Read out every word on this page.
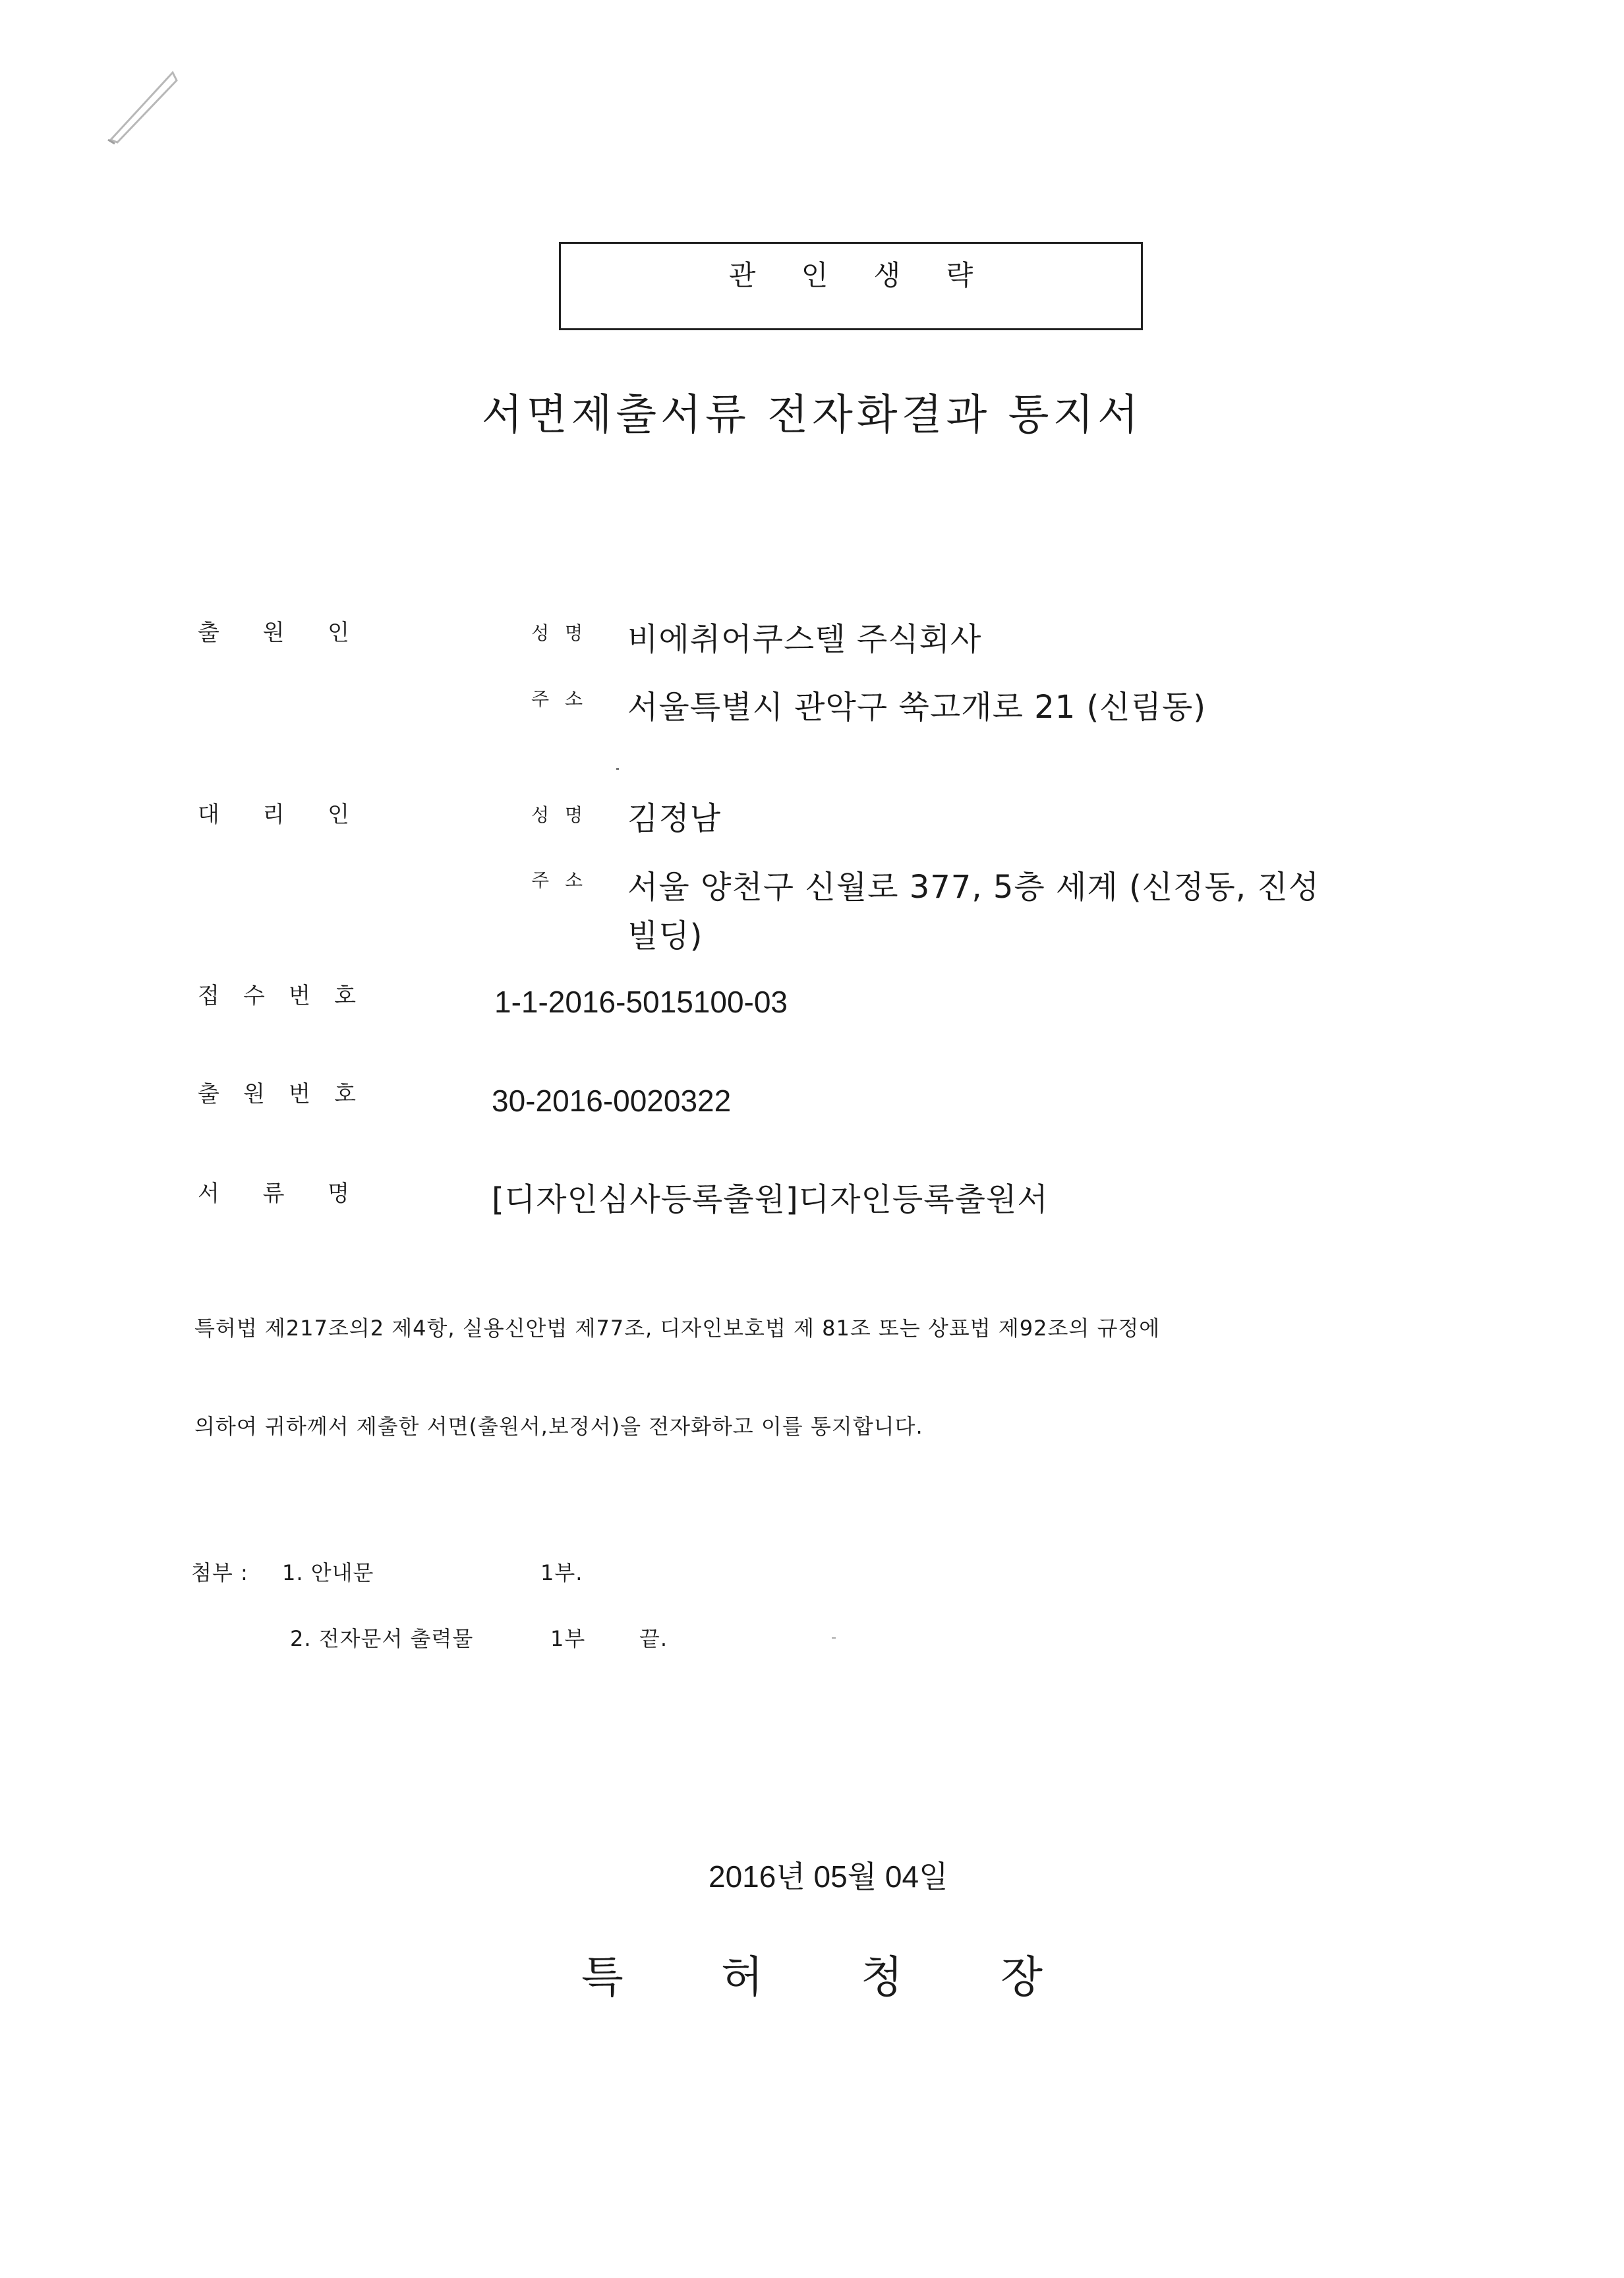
관 인 생 략
서면제출서류 전자화결과 통지서
출 원 인	성 명 비에취어쿠스텔 주식회사
주 소 서울특별시 관악구 쑥고개로 21 (신림동)
대 리 인	성 명 김정남
주 소 서울 양천구 신월로 377, 5층 세계 (신정동, 진성
빌딩)
접 수 번 호	1-1-2016-5015100-03
출 원 번 호	30-2016-0020322
서 류 명	[디자인심사등록출원]디자인등록출원서
특허법 제217조의2 제4항, 실용신안법 제77조, 디자인보호법 제 81조 또는 상표법 제92조의 규정에
의하여 귀하께서 제출한 서면(출원서,보정서)을 전자화하고 이를 통지합니다.
첨부 : 1. 안내문	1부.
2. 전자문서 출력물	1부	끝.
2016년 05월 04일
특 허 청 장
